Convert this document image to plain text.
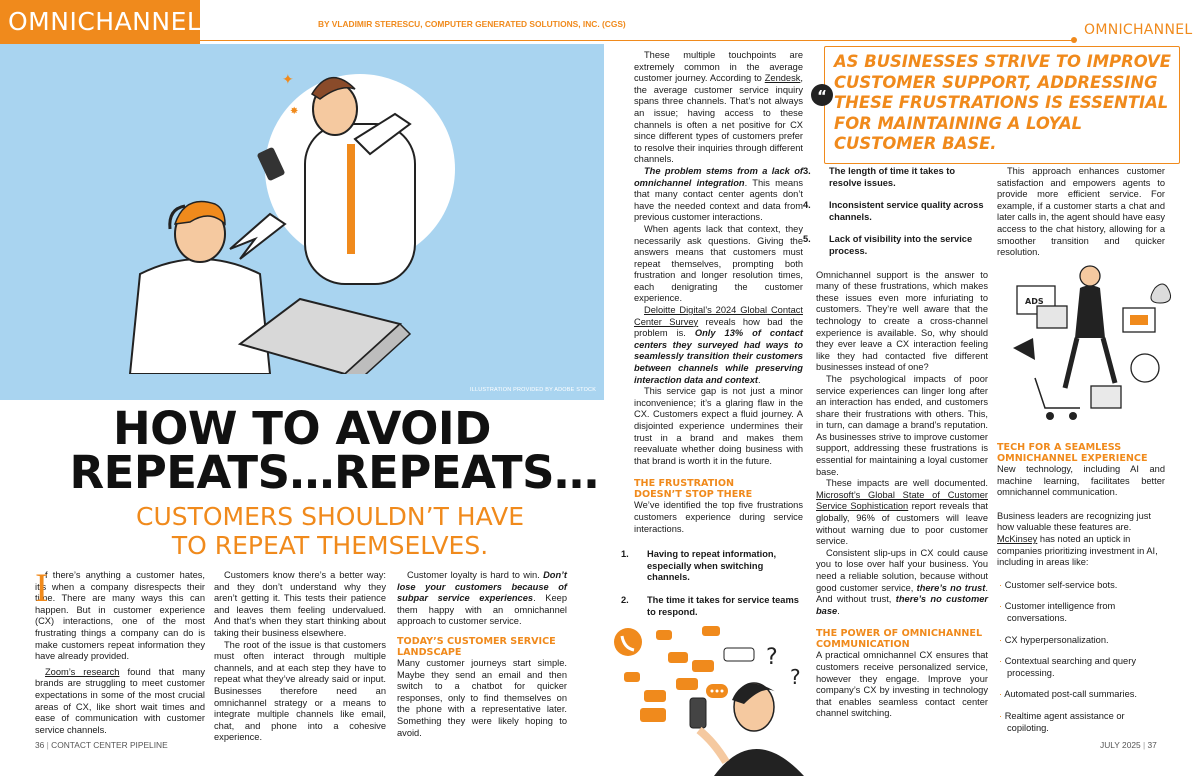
OMNICHANNEL	BY VLADIMIR STERESCU, COMPUTER GENERATED SOLUTIONS, INC. (CGS)	OMNICHANNEL
✦
✸
ILLUSTRATION PROVIDED BY ADOBE STOCK
HOW TO AVOID
REPEATS…REPEATS…
CUSTOMERS SHOULDN’T HAVE
TO REPEAT THEMSELVES.
I

f there’s anything a customer hates, it’s when a company disrespects their time. There are many ways this can happen. But in customer experience (CX) interactions, one of the most frustrating things a company can do is make customers repeat information they have already provided.

Zoom’s research found that many brands are struggling to meet customer expectations in some of the most crucial areas of CX, like short wait times and ease of communication with customer service channels.

Customers know there’s a better way: and they don’t understand why they aren’t getting it. This tests their patience and leaves them feeling undervalued. And that’s when they start thinking about taking their business elsewhere.

The root of the issue is that customers must often interact through multiple channels, and at each step they have to repeat what they’ve already said or input. Businesses therefore need an omnichannel strategy or a means to integrate multiple channels like email, chat, and phone into a cohesive experience.

Customer loyalty is hard to win. Don’t lose your customers because of subpar service experiences. Keep them happy with an omnichannel approach to customer service.

TODAY’S CUSTOMER SERVICE LANDSCAPE

Many customer journeys start simple. Maybe they send an email and then switch to a chatbot for quicker responses, only to find themselves on the phone with a representative later. Something they were likely hoping to avoid.

36 | CONTACT CENTER PIPELINE

These multiple touchpoints are extremely common in the average customer journey. According to Zendesk, the average customer service inquiry spans three channels. That’s not always an issue; having access to these channels is often a net positive for CX since different types of customers prefer to resolve their inquiries through different channels.

The problem stems from a lack of omnichannel integration. This means that many contact center agents don’t have the needed context and data from previous customer interactions.

When agents lack that context, they necessarily ask questions. Giving the answers means that customers must repeat themselves, prompting both frustration and longer resolution times, each denigrating the customer experience.

Deloitte Digital’s 2024 Global Contact Center Survey reveals how bad the problem is. Only 13% of contact centers they surveyed had ways to seamlessly transition their customers between channels while preserving interaction data and context.

This service gap is not just a minor inconvenience; it’s a glaring flaw in the CX. Customers expect a fluid journey. A disjointed experience undermines their trust in a brand and makes them reevaluate whether doing business with that brand is worth it in the future.

THE FRUSTRATION DOESN’T STOP THERE

We’ve identified the top five frustrations customers experience during service interactions.

1. Having to repeat information, especially when switching channels.

2. The time it takes for service teams to respond.

“
AS BUSINESSES STRIVE TO IMPROVE CUSTOMER SUPPORT, ADDRESSING THESE FRUSTRATIONS IS ESSENTIAL FOR MAINTAINING A LOYAL CUSTOMER BASE.

3. The length of time it takes to resolve issues.

4. Inconsistent service quality across channels.

5. Lack of visibility into the service process.

Omnichannel support is the answer to many of these frustrations, which makes these issues even more infuriating to customers. They’re well aware that the technology to create a cross-channel experience is available. So, why should they ever leave a CX interaction feeling like they had contacted five different businesses instead of one?

The psychological impacts of poor service experiences can linger long after an interaction has ended, and customers share their frustrations with others. This, in turn, can damage a brand’s reputation. As businesses strive to improve customer support, addressing these frustrations is essential for maintaining a loyal customer base.

These impacts are well documented. Microsoft’s Global State of Customer Service Sophistication report reveals that globally, 96% of customers will leave without warning due to poor customer service.

Consistent slip-ups in CX could cause you to lose over half your business. You need a reliable solution, because without good customer service, there’s no trust. And without trust, there’s no customer base.

THE POWER OF OMNICHANNEL COMMUNICATION

A practical omnichannel CX ensures that customers receive personalized service, however they engage. Improve your company’s CX by investing in technology that enables seamless contact center channel switching.

This approach enhances customer satisfaction and empowers agents to provide more efficient service. For example, if a customer starts a chat and later calls in, the agent should have easy access to the chat history, allowing for a smoother transition and quicker resolution.

ADS

TECH FOR A SEAMLESS OMNICHANNEL EXPERIENCE

New technology, including AI and machine learning, facilitates better omnichannel communication.

Business leaders are recognizing just how valuable these features are. McKinsey has noted an uptick in companies prioritizing investment in AI, including in areas like:

· Customer self-service bots.

· Customer intelligence from conversations.

· CX hyperpersonalization.

· Contextual searching and query processing.

· Automated post-call summaries.

· Realtime agent assistance or copiloting.

?
?
JULY 2025 | 37
